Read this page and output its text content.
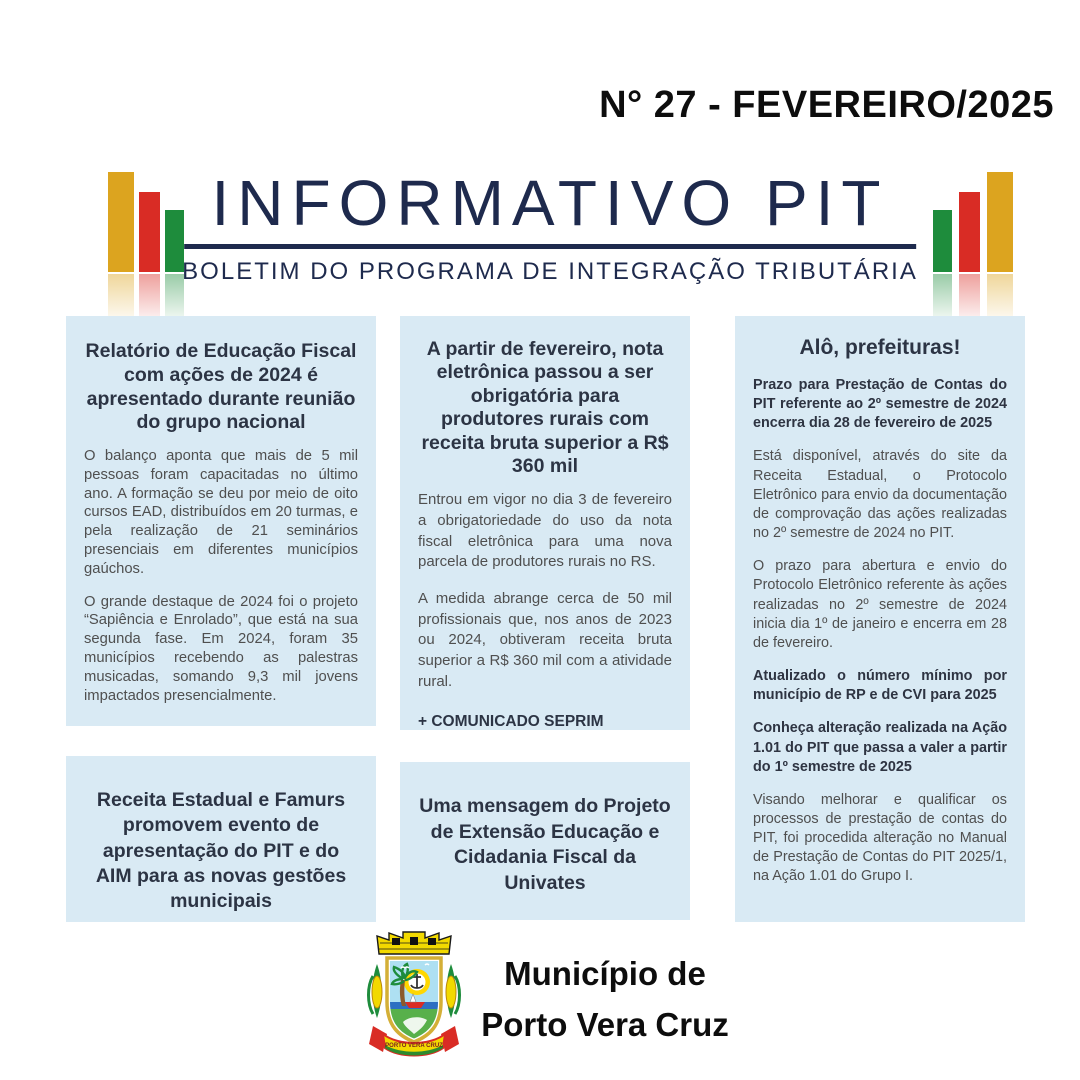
N° 27 - FEVEREIRO/2025
INFORMATIVO PIT
BOLETIM DO PROGRAMA DE INTEGRAÇÃO TRIBUTÁRIA
Relatório de Educação Fiscal com ações de 2024 é apresentado durante reunião do grupo nacional

O balanço aponta que mais de 5 mil pessoas foram capacitadas no último ano. A formação se deu por meio de oito cursos EAD, distribuídos em 20 turmas, e pela realização de 21 seminários presenciais em diferentes municípios gaúchos.

O grande destaque de 2024 foi o projeto “Sapiência e Enrolado”, que está na sua segunda fase. Em 2024, foram 35 municípios recebendo as palestras musicadas, somando 9,3 mil jovens impactados presencialmente.

Receita Estadual e Famurs promovem evento de apresentação do PIT e do AIM para as novas gestões municipais
A partir de fevereiro, nota eletrônica passou a ser obrigatória para produtores rurais com receita bruta superior a R$ 360 mil

Entrou em vigor no dia 3 de fevereiro a obrigatoriedade do uso da nota fiscal eletrônica para uma nova parcela de produtores rurais no RS.

A medida abrange cerca de 50 mil profissionais que, nos anos de 2023 ou 2024, obtiveram receita bruta superior a R$ 360 mil com a atividade rural.

+ COMUNICADO SEPRIM

Uma mensagem do Projeto de Extensão Educação e Cidadania Fiscal da Univates
Alô, prefeituras!

Prazo para Prestação de Contas do PIT referente ao 2º semestre de 2024 encerra dia 28 de fevereiro de 2025

Está disponível, através do site da Receita Estadual, o Protocolo Eletrônico para envio da documentação de comprovação das ações realizadas no 2º semestre de 2024 no PIT.

O prazo para abertura e envio do Protocolo Eletrônico referente às ações realizadas no 2º semestre de 2024 inicia dia 1º de janeiro e encerra em 28 de fevereiro.

Atualizado o número mínimo por município de RP e de CVI para 2025

Conheça alteração realizada na Ação 1.01 do PIT que passa a valer a partir do 1º semestre de 2025

Visando melhorar e qualificar os processos de prestação de contas do PIT, foi procedida alteração no Manual de Prestação de Contas do PIT 2025/1, na Ação 1.01 do Grupo I.

PORTO VERA CRUZ
Município de
Porto Vera Cruz
